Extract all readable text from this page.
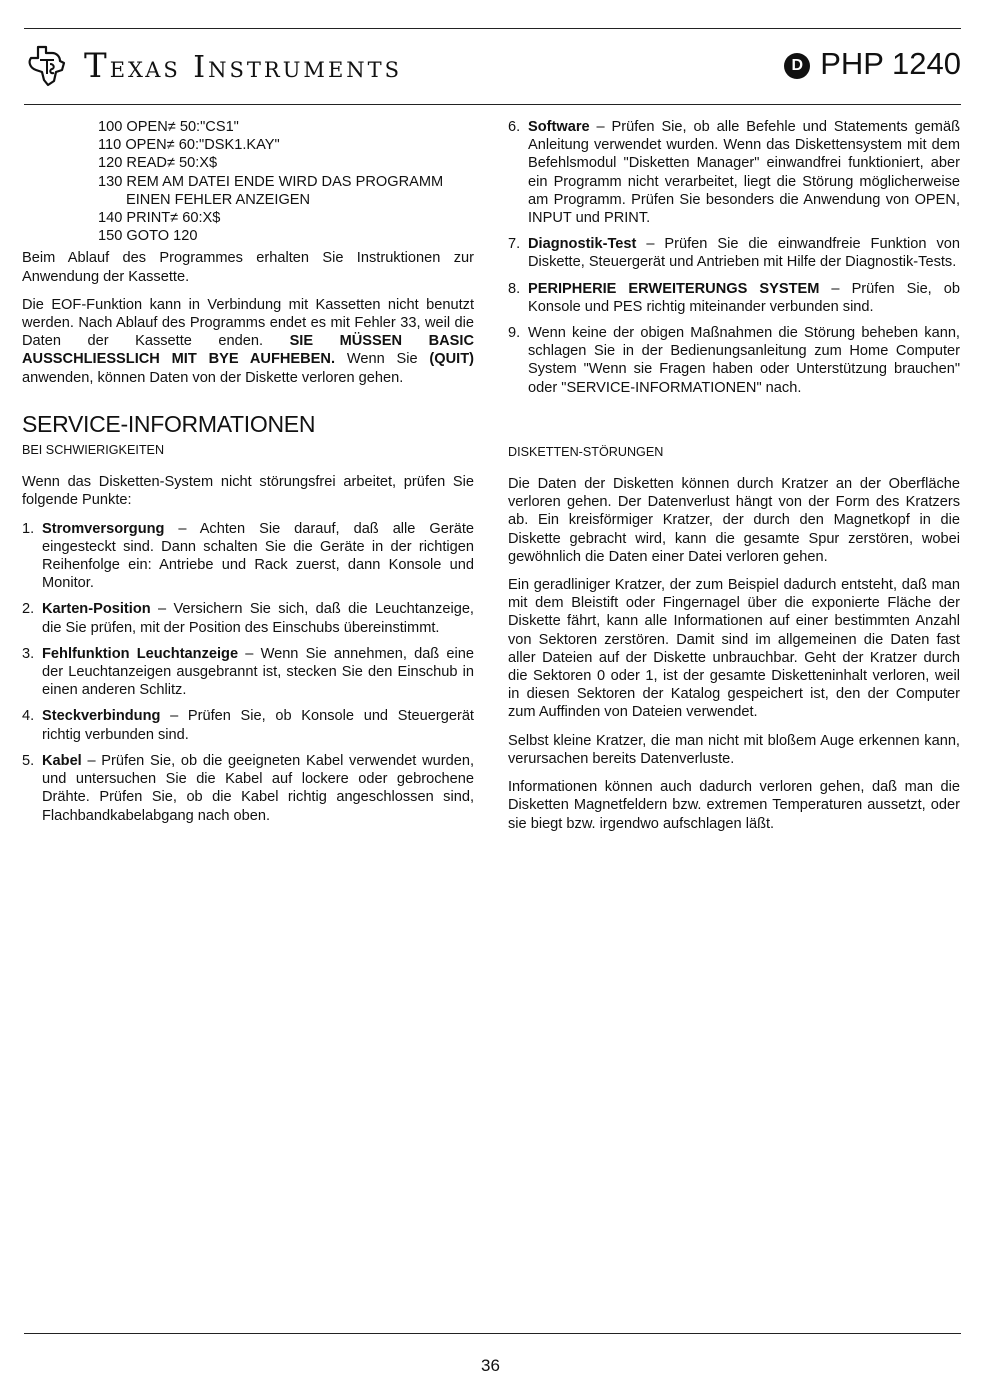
Texas Instruments	D PHP 1240
100 OPEN≠ 50:"CS1"
110 OPEN≠ 60:"DSK1.KAY"
120 READ≠ 50:X$
130 REM AM DATEI ENDE WIRD DAS PROGRAMM
EINEN FEHLER ANZEIGEN
140 PRINT≠ 60:X$
150 GOTO 120

Beim Ablauf des Programmes erhalten Sie Instruktionen zur Anwendung der Kassette.

Die EOF-Funktion kann in Verbindung mit Kassetten nicht benutzt werden. Nach Ablauf des Programms endet es mit Fehler 33, weil die Daten der Kassette enden. SIE MÜSSEN BASIC AUSSCHLIESSLICH MIT BYE AUFHEBEN. Wenn Sie (QUIT) anwenden, können Daten von der Diskette verloren gehen.

SERVICE-INFORMATIONEN
BEI SCHWIERIGKEITEN

Wenn das Disketten-System nicht störungsfrei arbeitet, prüfen Sie folgende Punkte:

1. Stromversorgung – Achten Sie darauf, daß alle Geräte eingesteckt sind. Dann schalten Sie die Geräte in der richtigen Reihenfolge ein: Antriebe und Rack zuerst, dann Konsole und Monitor.
2. Karten-Position – Versichern Sie sich, daß die Leuchtanzeige, die Sie prüfen, mit der Position des Einschubs übereinstimmt.
3. Fehlfunktion Leuchtanzeige – Wenn Sie annehmen, daß eine der Leuchtanzeigen ausgebrannt ist, stecken Sie den Einschub in einen anderen Schlitz.
4. Steckverbindung – Prüfen Sie, ob Konsole und Steuergerät richtig verbunden sind.
5. Kabel – Prüfen Sie, ob die geeigneten Kabel verwendet wurden, und untersuchen Sie die Kabel auf lockere oder gebrochene Drähte. Prüfen Sie, ob die Kabel richtig angeschlossen sind, Flachbandkabelabgang nach oben.
6. Software – Prüfen Sie, ob alle Befehle und Statements gemäß Anleitung verwendet wurden. Wenn das Diskettensystem mit dem Befehlsmodul "Disketten Manager" einwandfrei funktioniert, aber ein Programm nicht verarbeitet, liegt die Störung möglicherweise am Programm. Prüfen Sie besonders die Anwendung von OPEN, INPUT und PRINT.
7. Diagnostik-Test – Prüfen Sie die einwandfreie Funktion von Diskette, Steuergerät und Antrieben mit Hilfe der Diagnostik-Tests.
8. PERIPHERIE ERWEITERUNGS SYSTEM – Prüfen Sie, ob Konsole und PES richtig miteinander verbunden sind.
9. Wenn keine der obigen Maßnahmen die Störung beheben kann, schlagen Sie in der Bedienungsanleitung zum Home Computer System "Wenn sie Fragen haben oder Unterstützung brauchen" oder "SERVICE-INFORMATIONEN" nach.
DISKETTEN-STÖRUNGEN

Die Daten der Disketten können durch Kratzer an der Oberfläche verloren gehen. Der Datenverlust hängt von der Form des Kratzers ab. Ein kreisförmiger Kratzer, der durch den Magnetkopf in die Diskette gebracht wird, kann die gesamte Spur zerstören, wobei gewöhnlich die Daten einer Datei verloren gehen.

Ein geradliniger Kratzer, der zum Beispiel dadurch entsteht, daß man mit dem Bleistift oder Fingernagel über die exponierte Fläche der Diskette fährt, kann alle Informationen auf einer bestimmten Anzahl von Sektoren zerstören. Damit sind im allgemeinen die Daten fast aller Dateien auf der Diskette unbrauchbar. Geht der Kratzer durch die Sektoren 0 oder 1, ist der gesamte Disketteninhalt verloren, weil in diesen Sektoren der Katalog gespeichert ist, den der Computer zum Auffinden von Dateien verwendet.

Selbst kleine Kratzer, die man nicht mit bloßem Auge erkennen kann, verursachen bereits Datenverluste.

Informationen können auch dadurch verloren gehen, daß man die Disketten Magnetfeldern bzw. extremen Temperaturen aussetzt, oder sie biegt bzw. irgendwo aufschlagen läßt.

36
